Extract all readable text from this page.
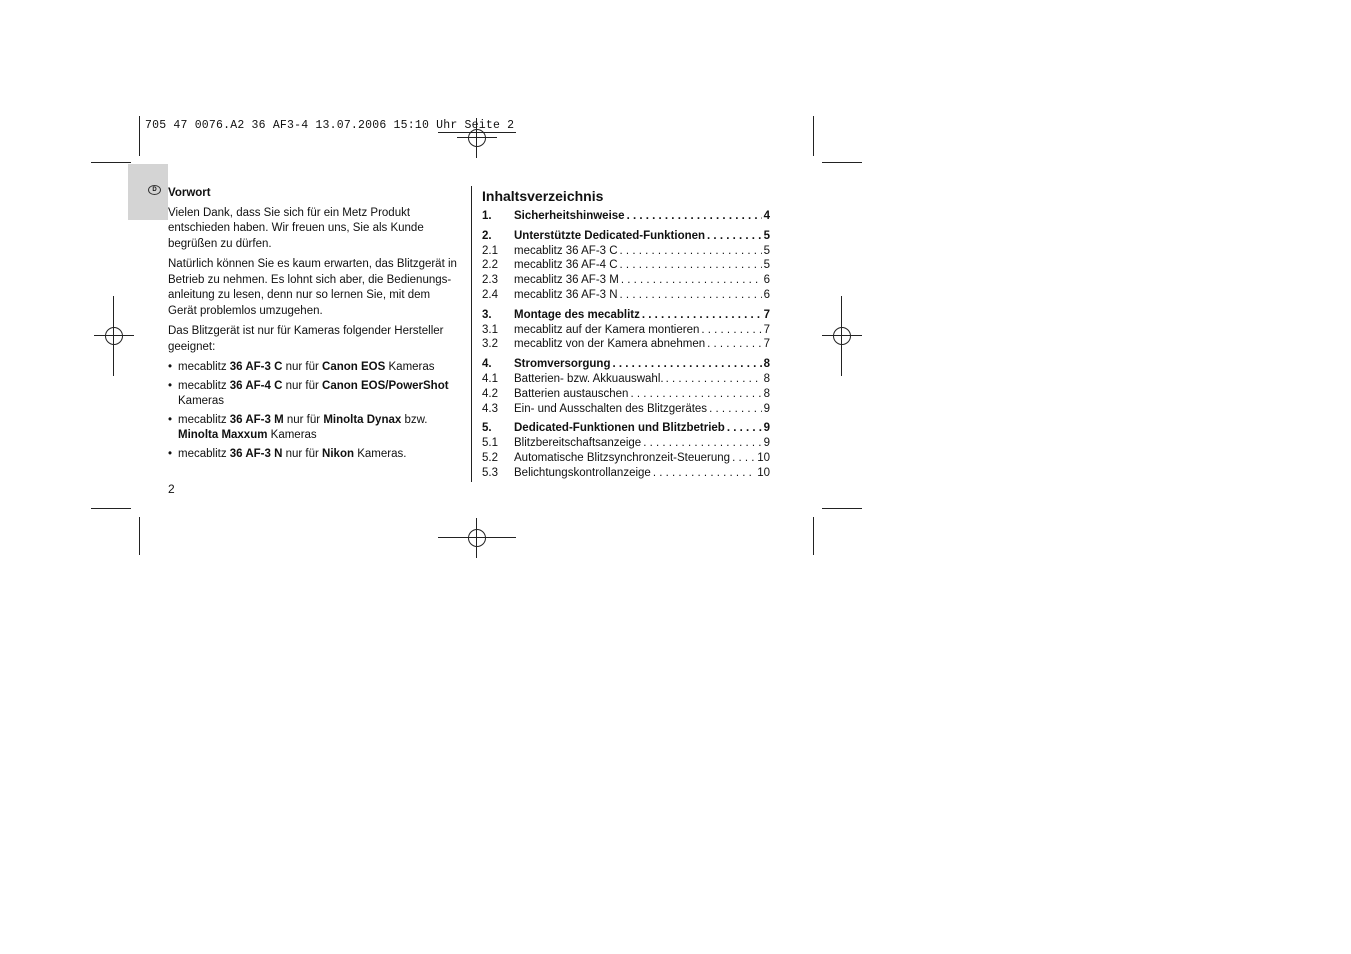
705 47 0076.A2 36 AF3-4 13.07.2006 15:10 Uhr Seite 2
D Vorwort

Vielen Dank, dass Sie sich für ein Metz Produkt entschieden haben. Wir freuen uns, Sie als Kunde begrüßen zu dürfen.

Natürlich können Sie es kaum erwarten, das Blitzgerät in Betrieb zu nehmen. Es lohnt sich aber, die Bedienungs-anleitung zu lesen, denn nur so lernen Sie, mit dem Gerät problemlos umzugehen.

Das Blitzgerät ist nur für Kameras folgender Hersteller geeignet:

• mecablitz 36 AF-3 C nur für Canon EOS Kameras
• mecablitz 36 AF-4 C nur für Canon EOS/PowerShot
Kameras
• mecablitz 36 AF-3 M nur für Minolta Dynax bzw.
Minolta Maxxum Kameras
• mecablitz 36 AF-3 N nur für Nikon Kameras.
2
Inhaltsverzeichnis
1.	Sicherheitshinweise . . .	4
2.	Unterstützte Dedicated-Funktionen . . .	5
2.1	mecablitz 36 AF-3 C . . .	5
2.2	mecablitz 36 AF-4 C . . .	5
2.3	mecablitz 36 AF-3 M . . .	6
2.4	mecablitz 36 AF-3 N . . .	6
3.	Montage des mecablitz . . .	7
3.1	mecablitz auf der Kamera montieren . . .	7
3.2	mecablitz von der Kamera abnehmen . . .	7
4.	Stromversorgung . . .	8
4.1	Batterien- bzw. Akkuauswahl. . . .	8
4.2	Batterien austauschen . . .	8
4.3	Ein- und Ausschalten des Blitzgerätes . . .	9
5.	Dedicated-Funktionen und Blitzbetrieb . . .	9
5.1	Blitzbereitschaftsanzeige . . .	9
5.2	Automatische Blitzsynchronzeit-Steuerung . . . 10
5.3	Belichtungskontrollanzeige . . .	10
